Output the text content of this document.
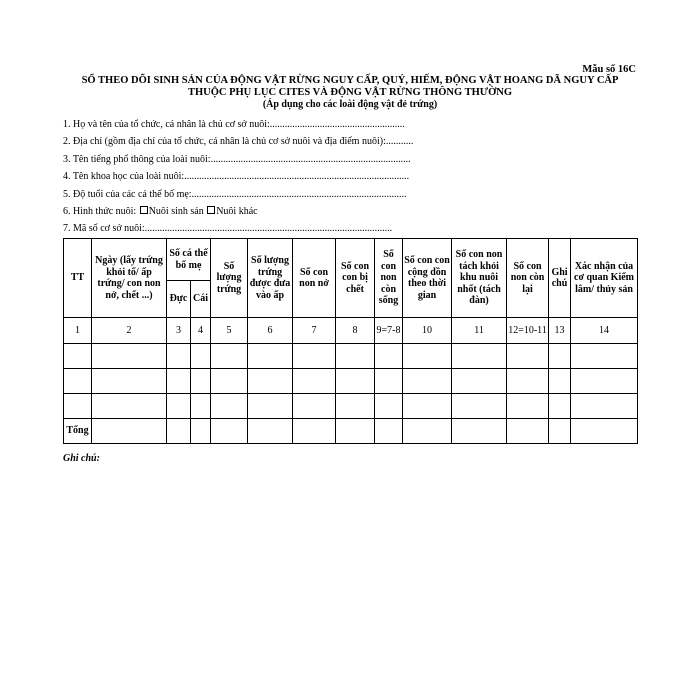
Mẫu số 16C
SỔ THEO DÕI SINH SẢN CỦA ĐỘNG VẬT RỪNG NGUY CẤP, QUÝ, HIẾM, ĐỘNG VẬT HOANG DÃ NGUY CẤP
THUỘC PHỤ LỤC CITES VÀ ĐỘNG VẬT RỪNG THÔNG THƯỜNG
(Áp dụng cho các loài động vật đẻ trứng)
1. Họ và tên của tổ chức, cá nhân là chủ cơ sở nuôi:......................................................
2. Địa chỉ (gồm địa chỉ của tổ chức, cá nhân là chủ cơ sở nuôi và địa điểm nuôi):...........
3. Tên tiếng phổ thông của loài nuôi:................................................................................
4. Tên khoa học của loài nuôi:..........................................................................................
5. Độ tuổi của các cá thể bố mẹ:......................................................................................
6. Hình thức nuôi: Nuôi sinh sản Nuôi khác
7. Mã số cơ sở nuôi:...................................................................................................
TT	Ngày (lấy trứng khỏi tổ/ ấp trứng/ con non nở, chết ...)	Số cá thể bố mẹ		Số lượng trứng	Số lượng trứng được đưa vào ấp	Số con non nở	Số con con bị chết	Số con non còn sống	Số con con cộng dồn theo thời gian	Số con non tách khỏi khu nuôi nhốt (tách đàn)	Số con non còn lại	Ghi chú	Xác nhận của cơ quan Kiểm lâm/ thủy sản
		Đực	Cái										
1	2	3	4	5	6	7	8	9=7-8	10	11	12=10-11	13	14

Tổng													
Ghi chú:
